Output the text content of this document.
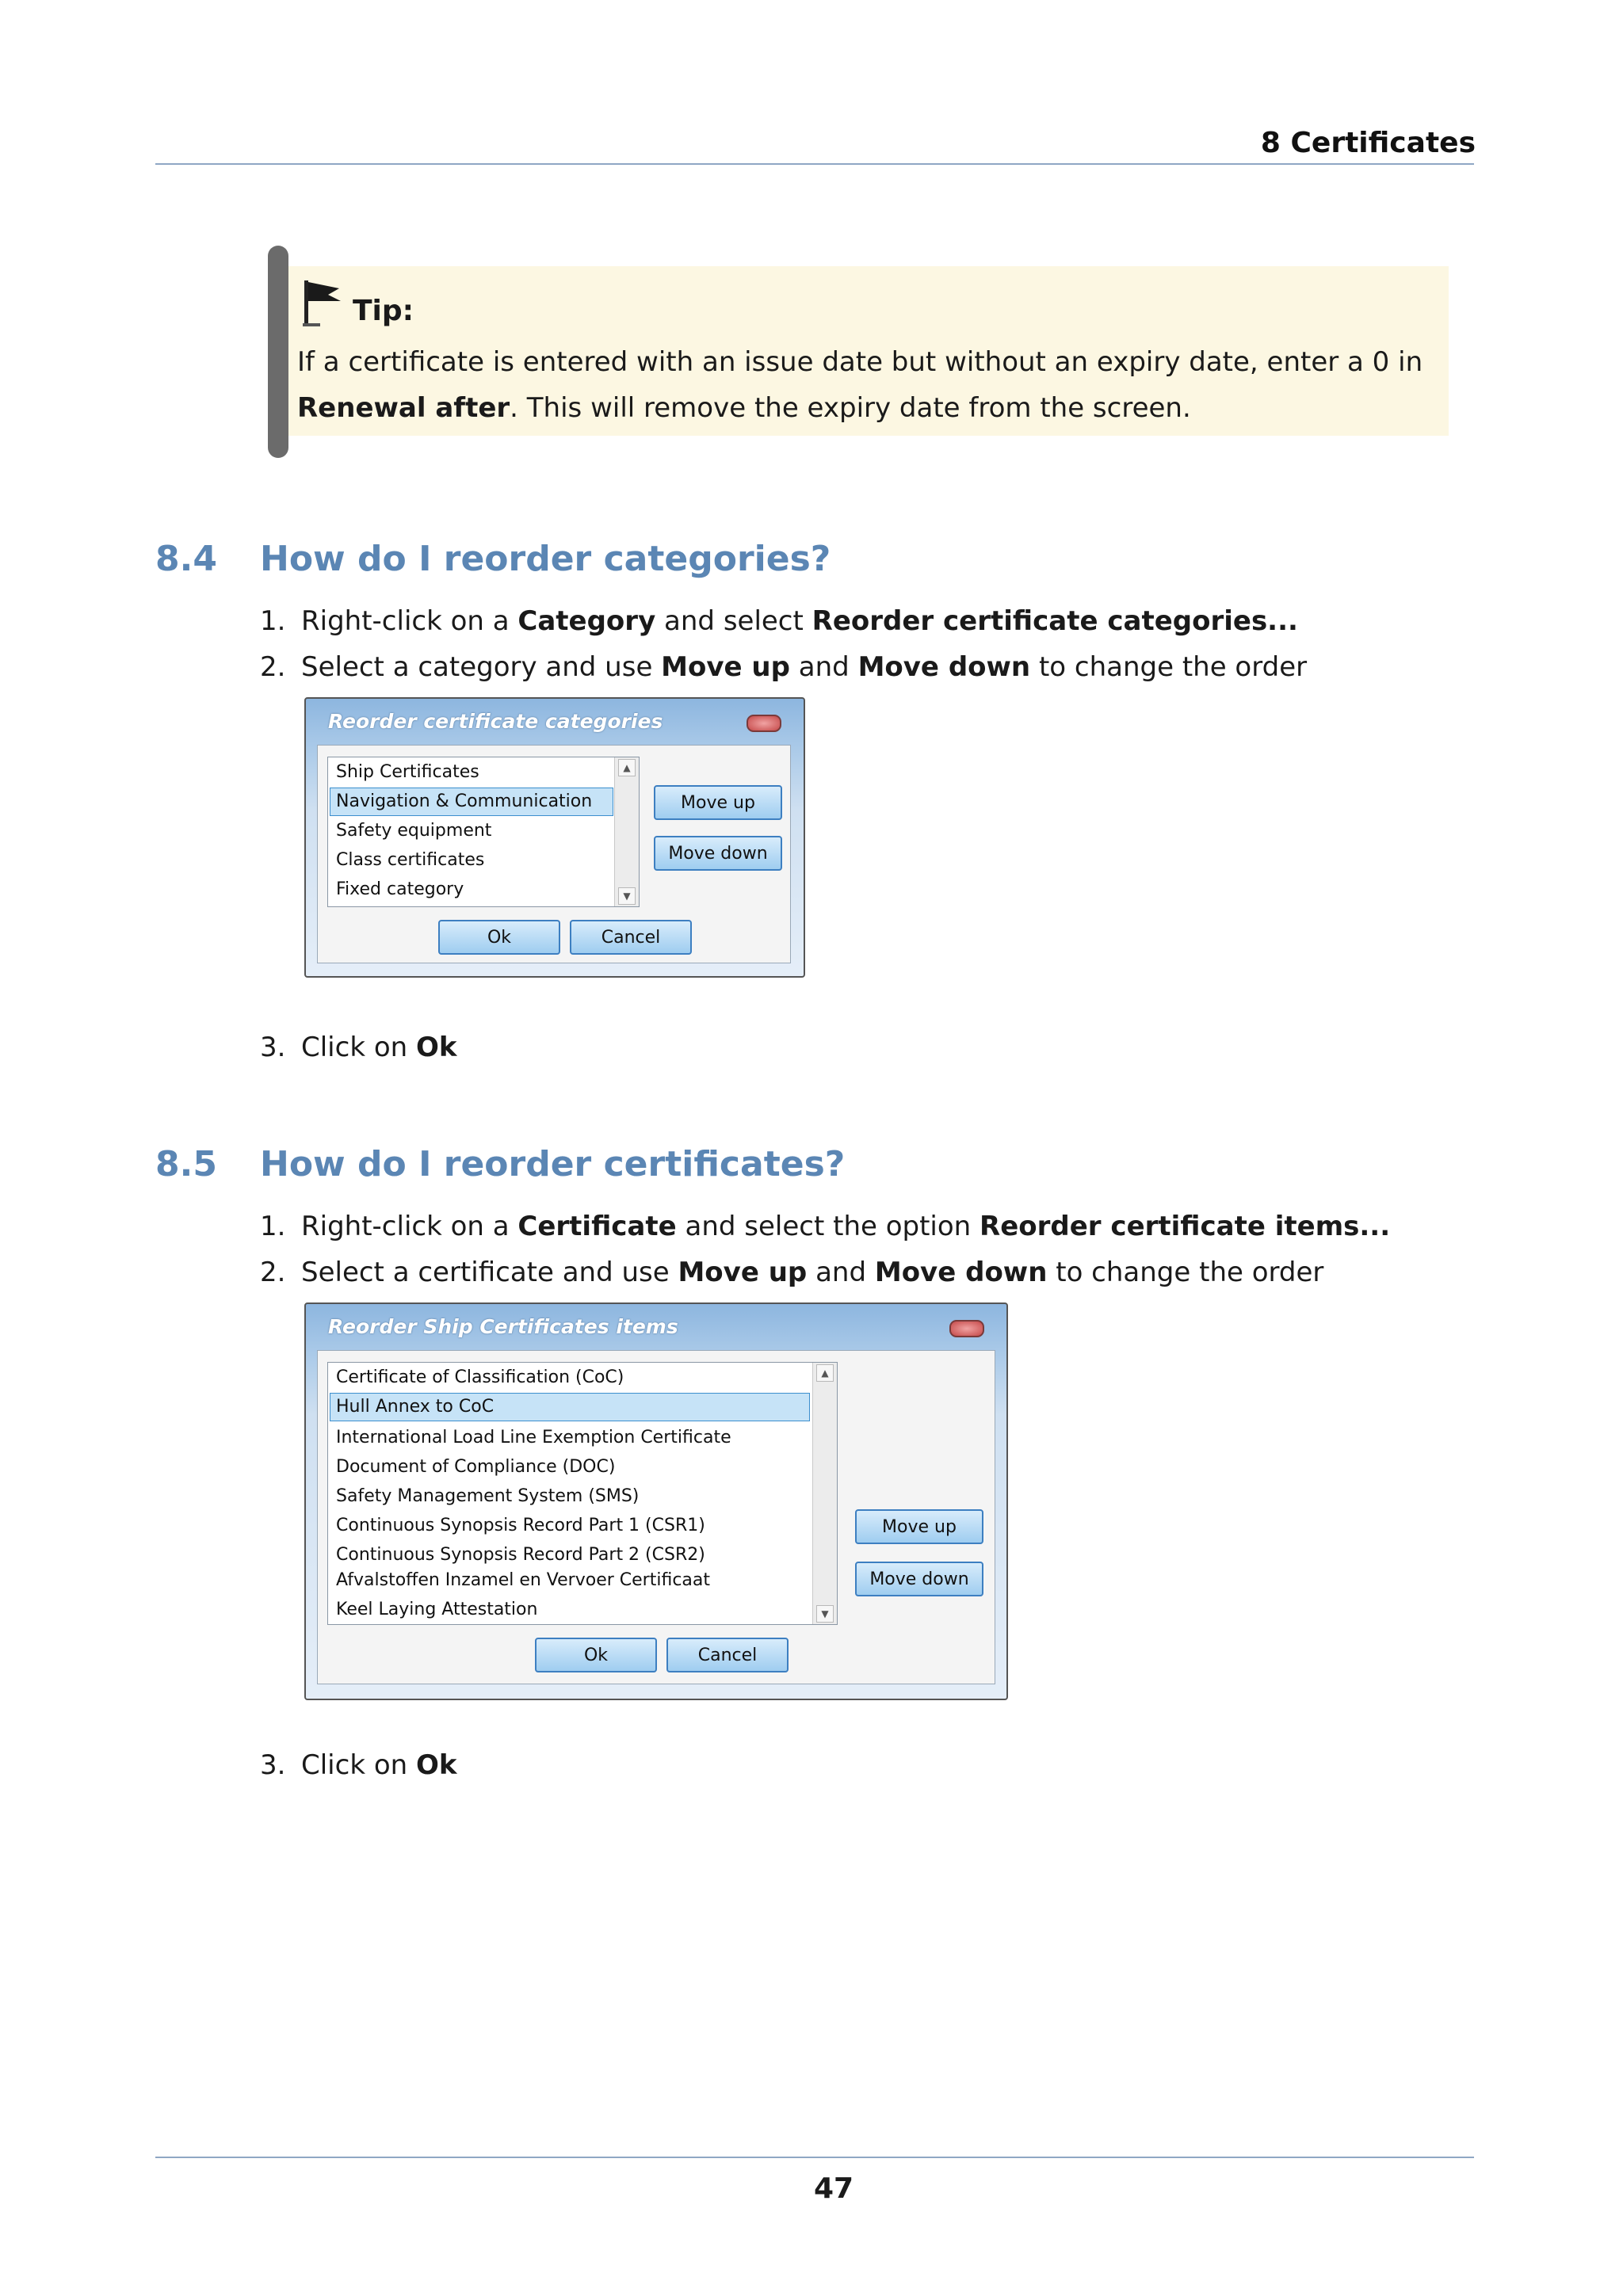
8 Certificates
Tip:
If a certificate is entered with an issue date but without an expiry date, enter a 0 in Renewal after. This will remove the expiry date from the screen.
8.4 How do I reorder categories?
1. Right-click on a Category and select Reorder certificate categories...
2. Select a category and use Move up and Move down to change the order
Reorder certificate categories
Ship Certificates
Navigation & Communication
Safety equipment
Class certificates
Fixed category
▲
▼
Move up
Move down
Ok	Cancel
3. Click on Ok
8.5 How do I reorder certificates?
1. Right-click on a Certificate and select the option Reorder certificate items...
2. Select a certificate and use Move up and Move down to change the order
Reorder Ship Certificates items
Certificate of Classification (CoC)
Hull Annex to CoC
International Load Line Exemption Certificate
Document of Compliance (DOC)
Safety Management System (SMS)
Continuous Synopsis Record Part 1 (CSR1)
Continuous Synopsis Record Part 2 (CSR2)
Afvalstoffen Inzamel en Vervoer Certificaat
Keel Laying Attestation
▲
▼
Move up
Move down
Ok	Cancel
3. Click on Ok
47
